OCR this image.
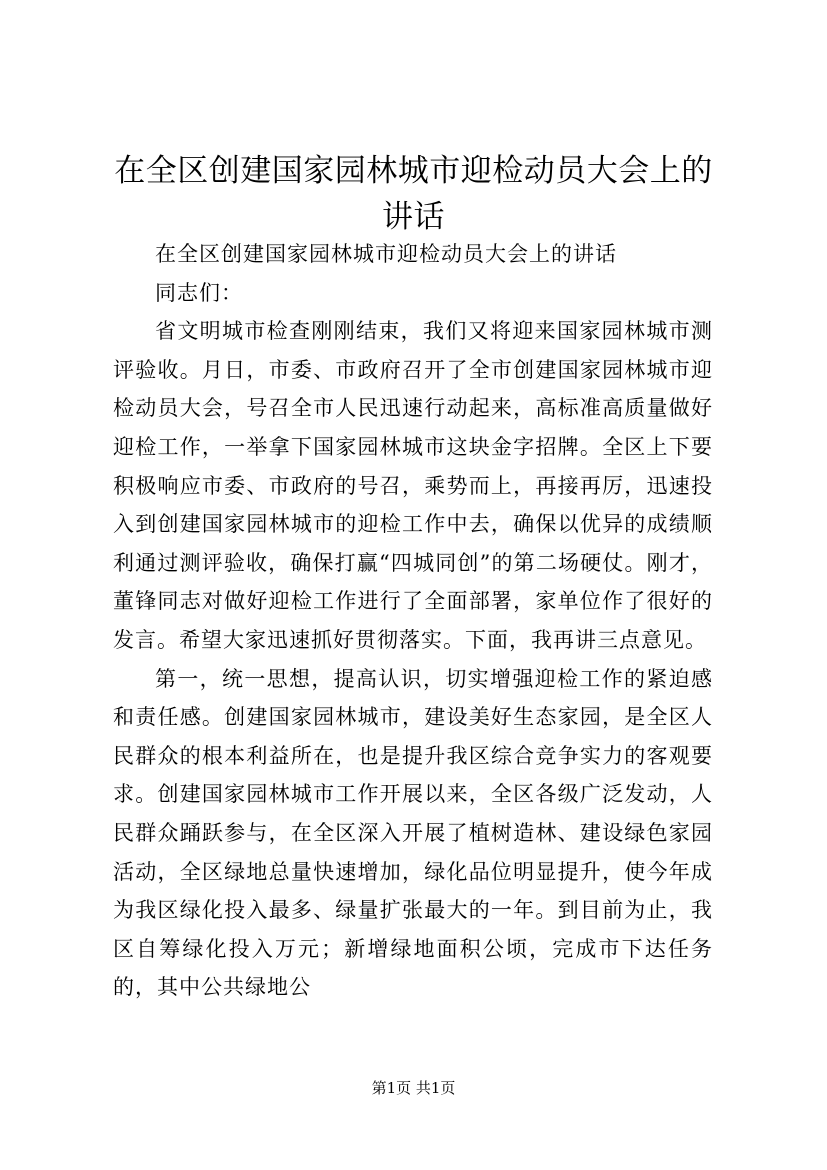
在全区创建国家园林城市迎检动员大会上的讲话

在全区创建国家园林城市迎检动员大会上的讲话

同志们：

省文明城市检查刚刚结束，我们又将迎来国家园林城市测评验收。月日，市委、市政府召开了全市创建国家园林城市迎检动员大会，号召全市人民迅速行动起来，高标准高质量做好迎检工作，一举拿下国家园林城市这块金字招牌。全区上下要积极响应市委、市政府的号召，乘势而上，再接再厉，迅速投入到创建国家园林城市的迎检工作中去，确保以优异的成绩顺利通过测评验收，确保打赢“四城同创”的第二场硬仗。刚才，董锋同志对做好迎检工作进行了全面部署，家单位作了很好的发言。希望大家迅速抓好贯彻落实。下面，我再讲三点意见。

第一，统一思想，提高认识，切实增强迎检工作的紧迫感和责任感。创建国家园林城市，建设美好生态家园，是全区人民群众的根本利益所在，也是提升我区综合竞争实力的客观要求。创建国家园林城市工作开展以来，全区各级广泛发动，人民群众踊跃参与，在全区深入开展了植树造林、建设绿色家园活动，全区绿地总量快速增加，绿化品位明显提升，使今年成为我区绿化投入最多、绿量扩张最大的一年。到目前为止，我区自筹绿化投入万元；新增绿地面积公顷，完成市下达任务的，其中公共绿地公

第1页 共1页
